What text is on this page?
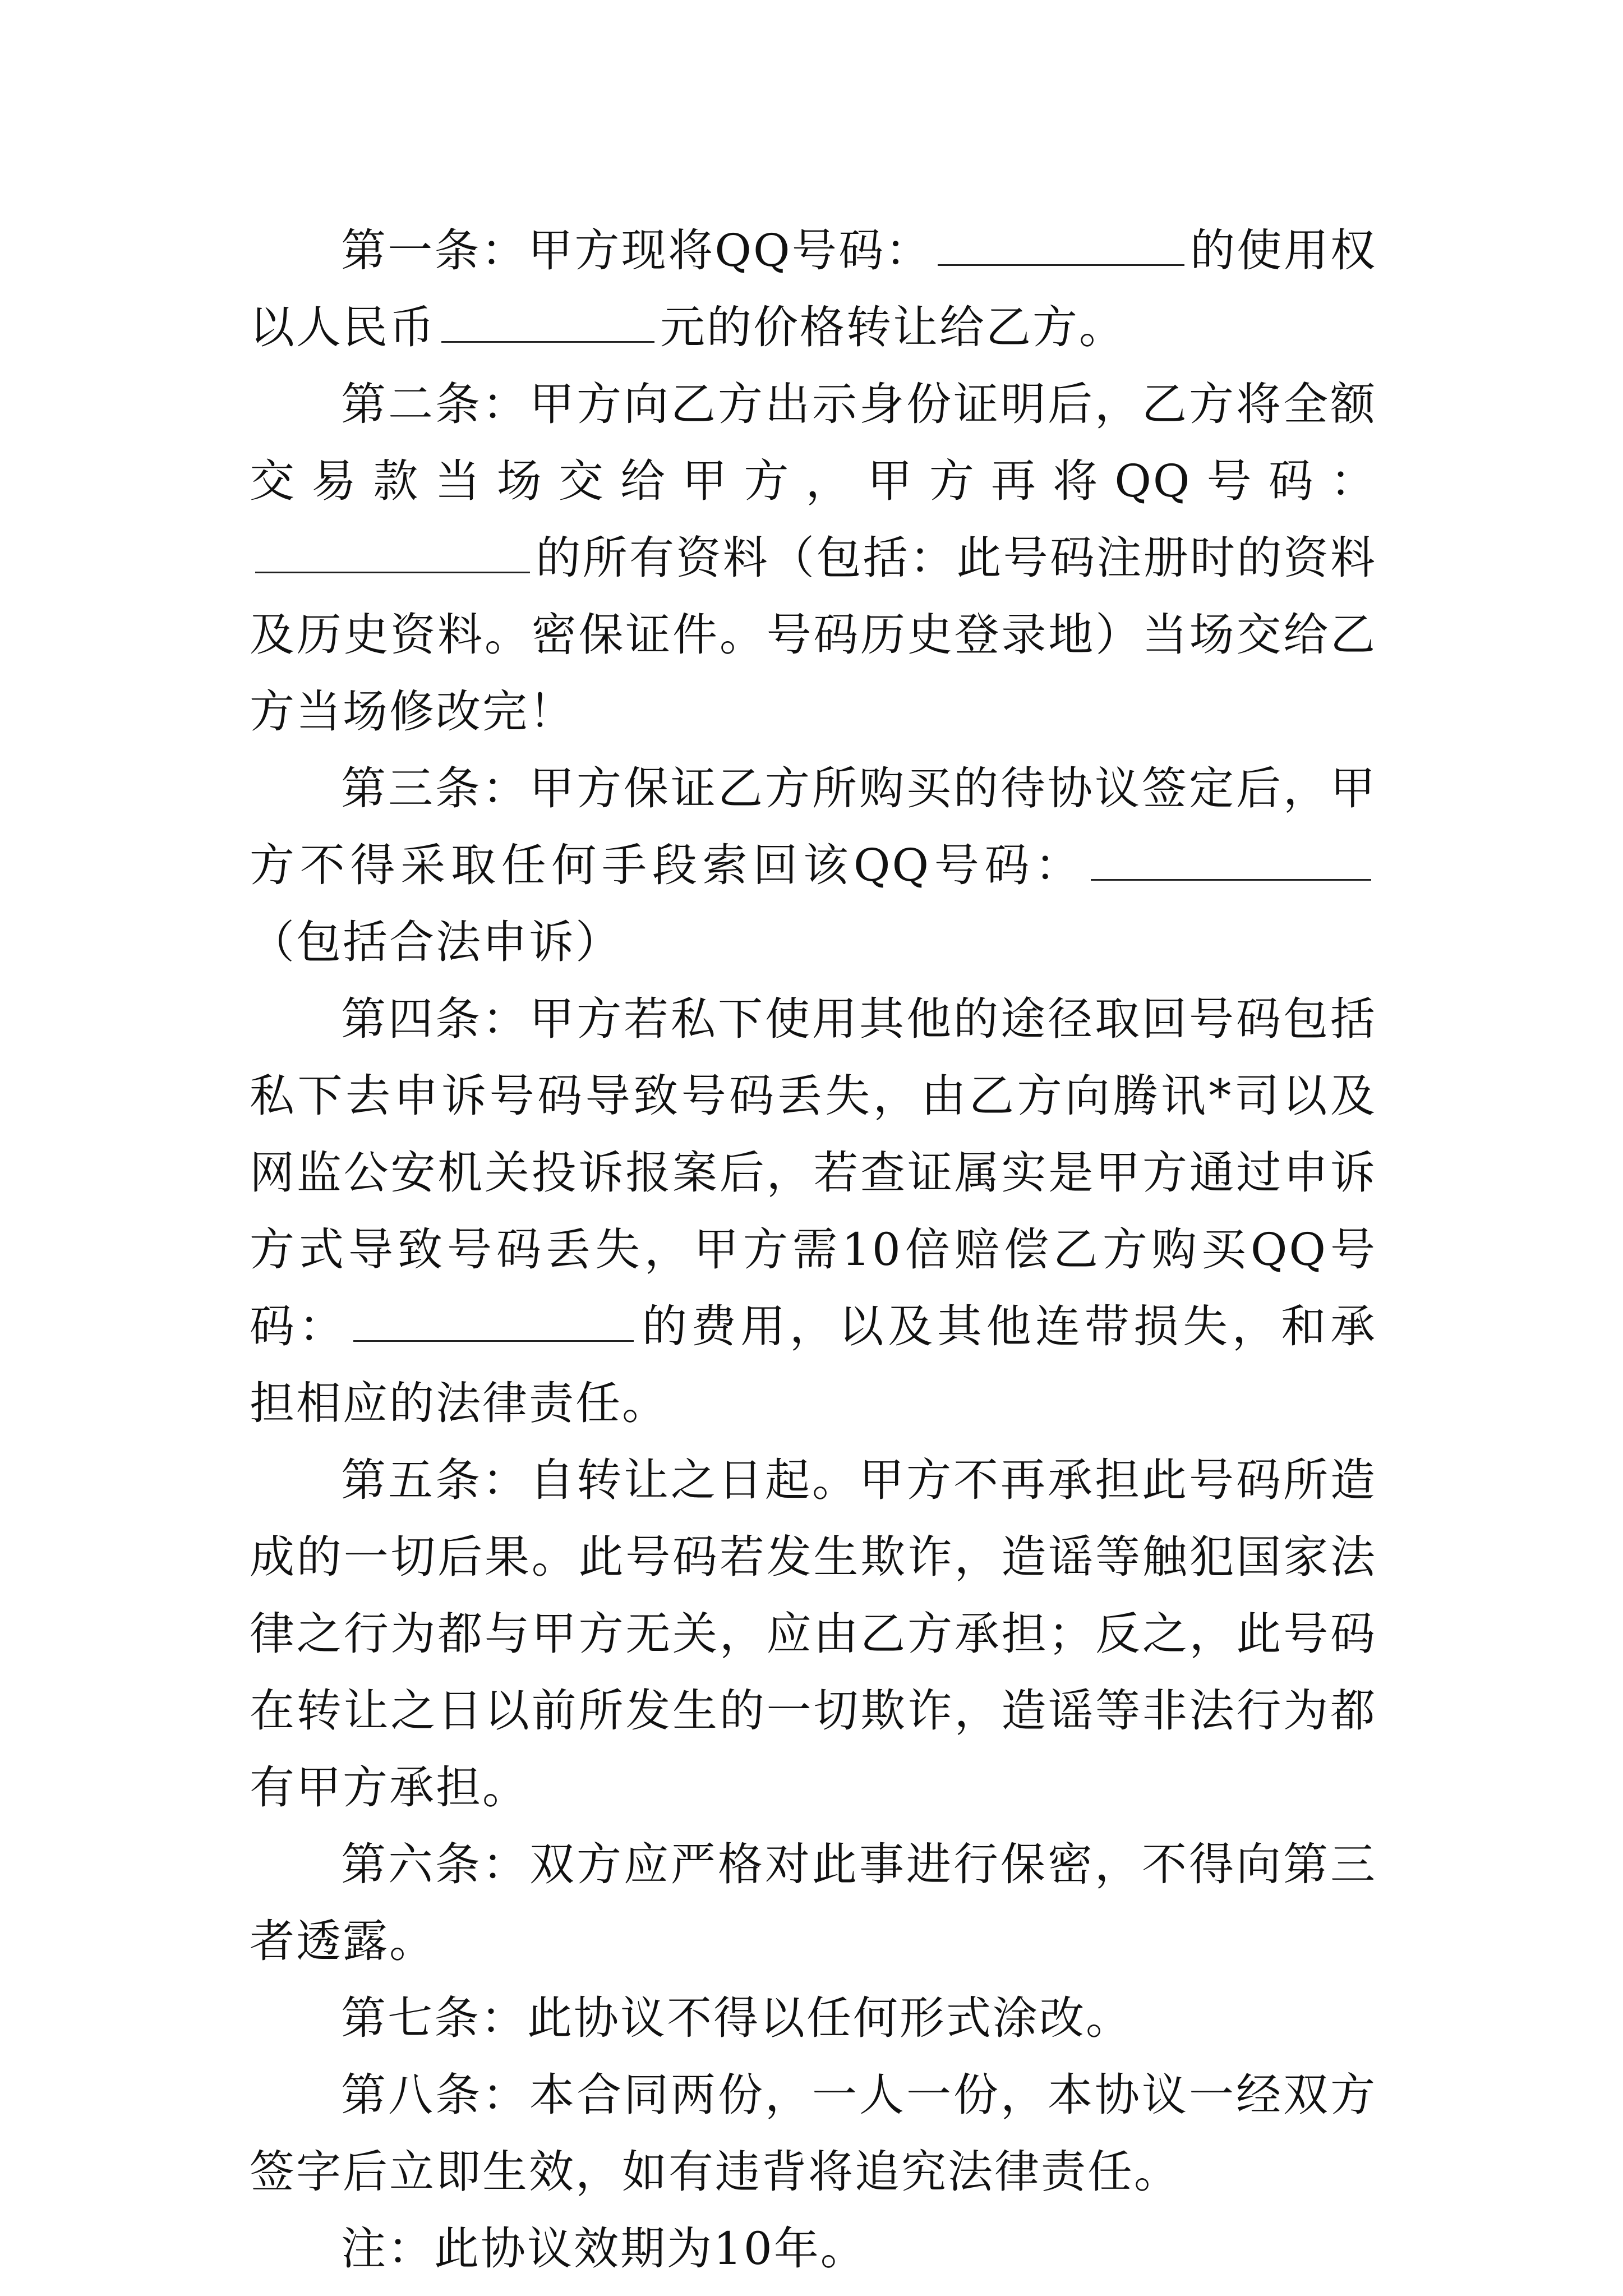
第一条：甲方现将QQ号码：	的使用权以人民币	元的价格转让给乙方。

第二条：甲方向乙方出示身份证明后，乙方将全额交易款当场交给甲方，甲方再将QQ号码：的所有资料（包括：此号码注册时的资料及历史资料。密保证件。号码历史登录地）当场交给乙方当场修改完！

第三条：甲方保证乙方所购买的待协议签定后，甲方不得采取任何手段索回该QQ号码：（包括合法申诉）

第四条：甲方若私下使用其他的途径取回号码包括私下去申诉号码导致号码丢失，由乙方向腾讯*司以及网监公安机关投诉报案后，若查证属实是甲方通过申诉方式导致号码丢失，甲方需10倍赔偿乙方购买QQ号码：	的费用，以及其他连带损失，和承担相应的法律责任。

第五条：自转让之日起。甲方不再承担此号码所造成的一切后果。此号码若发生欺诈，造谣等触犯国家法律之行为都与甲方无关，应由乙方承担；反之，此号码在转让之日以前所发生的一切欺诈，造谣等非法行为都有甲方承担。

第六条：双方应严格对此事进行保密，不得向第三者透露。

第七条：此协议不得以任何形式涂改。

第八条：本合同两份，一人一份，本协议一经双方签字后立即生效，如有违背将追究法律责任。

注：此协议效期为10年。
